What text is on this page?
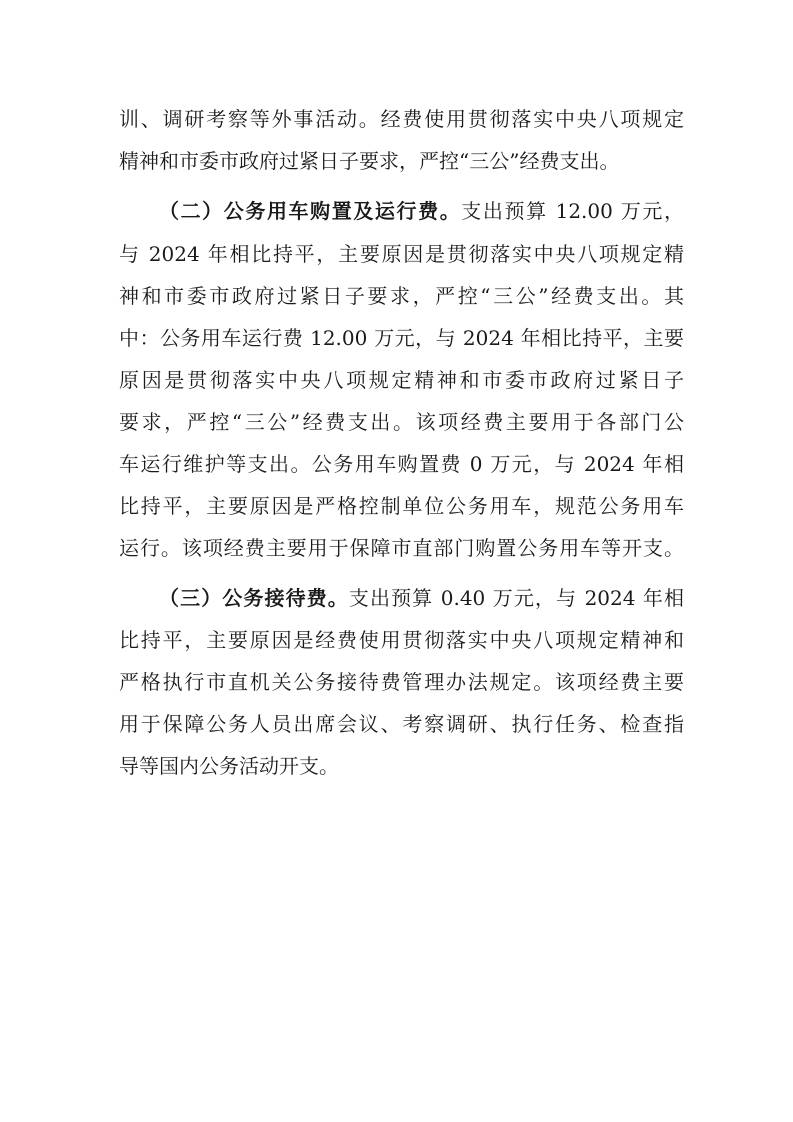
训、调研考察等外事活动。经费使用贯彻落实中央八项规定
精神和市委市政府过紧日子要求，严控“三公”经费支出。
（二）公务用车购置及运行费。支出预算 12.00 万元，
与 2024 年相比持平，主要原因是贯彻落实中央八项规定精
神和市委市政府过紧日子要求，严控“三公”经费支出。其
中：公务用车运行费 12.00 万元，与 2024 年相比持平，主要
原因是贯彻落实中央八项规定精神和市委市政府过紧日子
要求，严控“三公”经费支出。该项经费主要用于各部门公
车运行维护等支出。公务用车购置费 0 万元，与 2024 年相
比持平，主要原因是严格控制单位公务用车，规范公务用车
运行。该项经费主要用于保障市直部门购置公务用车等开支。
（三）公务接待费。支出预算 0.40 万元，与 2024 年相
比持平，主要原因是经费使用贯彻落实中央八项规定精神和
严格执行市直机关公务接待费管理办法规定。该项经费主要
用于保障公务人员出席会议、考察调研、执行任务、检查指
导等国内公务活动开支。
